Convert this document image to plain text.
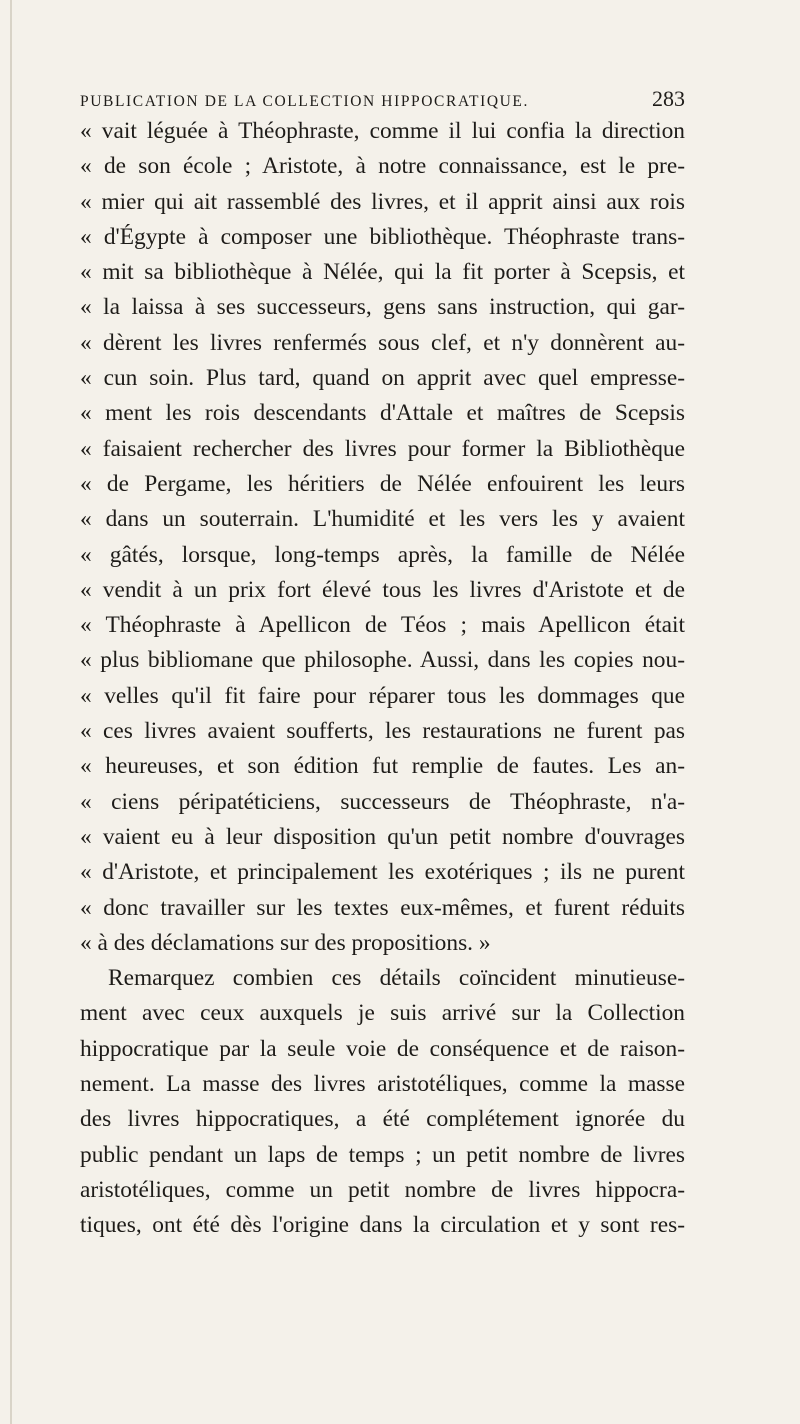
PUBLICATION DE LA COLLECTION HIPPOCRATIQUE.	283
« vait léguée à Théophraste, comme il lui confia la direction
« de son école ; Aristote, à notre connaissance, est le pre-
« mier qui ait rassemblé des livres, et il apprit ainsi aux rois
« d'Égypte à composer une bibliothèque. Théophraste trans-
« mit sa bibliothèque à Nélée, qui la fit porter à Scepsis, et
« la laissa à ses successeurs, gens sans instruction, qui gar-
« dèrent les livres renfermés sous clef, et n'y donnèrent au-
« cun soin. Plus tard, quand on apprit avec quel empresse-
« ment les rois descendants d'Attale et maîtres de Scepsis
« faisaient rechercher des livres pour former la Bibliothèque
« de Pergame, les héritiers de Nélée enfouirent les leurs
« dans un souterrain. L'humidité et les vers les y avaient
« gâtés, lorsque, long-temps après, la famille de Nélée
« vendit à un prix fort élevé tous les livres d'Aristote et de
« Théophraste à Apellicon de Téos ; mais Apellicon était
« plus bibliomane que philosophe. Aussi, dans les copies nou-
« velles qu'il fit faire pour réparer tous les dommages que
« ces livres avaient soufferts, les restaurations ne furent pas
« heureuses, et son édition fut remplie de fautes. Les an-
« ciens péripatéticiens, successeurs de Théophraste, n'a-
« vaient eu à leur disposition qu'un petit nombre d'ouvrages
« d'Aristote, et principalement les exotériques ; ils ne purent
« donc travailler sur les textes eux-mêmes, et furent réduits
« à des déclamations sur des propositions. »
Remarquez combien ces détails coïncident minutieuse-
ment avec ceux auxquels je suis arrivé sur la Collection
hippocratique par la seule voie de conséquence et de raison-
nement. La masse des livres aristotéliques, comme la masse
des livres hippocratiques, a été complétement ignorée du
public pendant un laps de temps ; un petit nombre de livres
aristotéliques, comme un petit nombre de livres hippocra-
tiques, ont été dès l'origine dans la circulation et y sont res-
